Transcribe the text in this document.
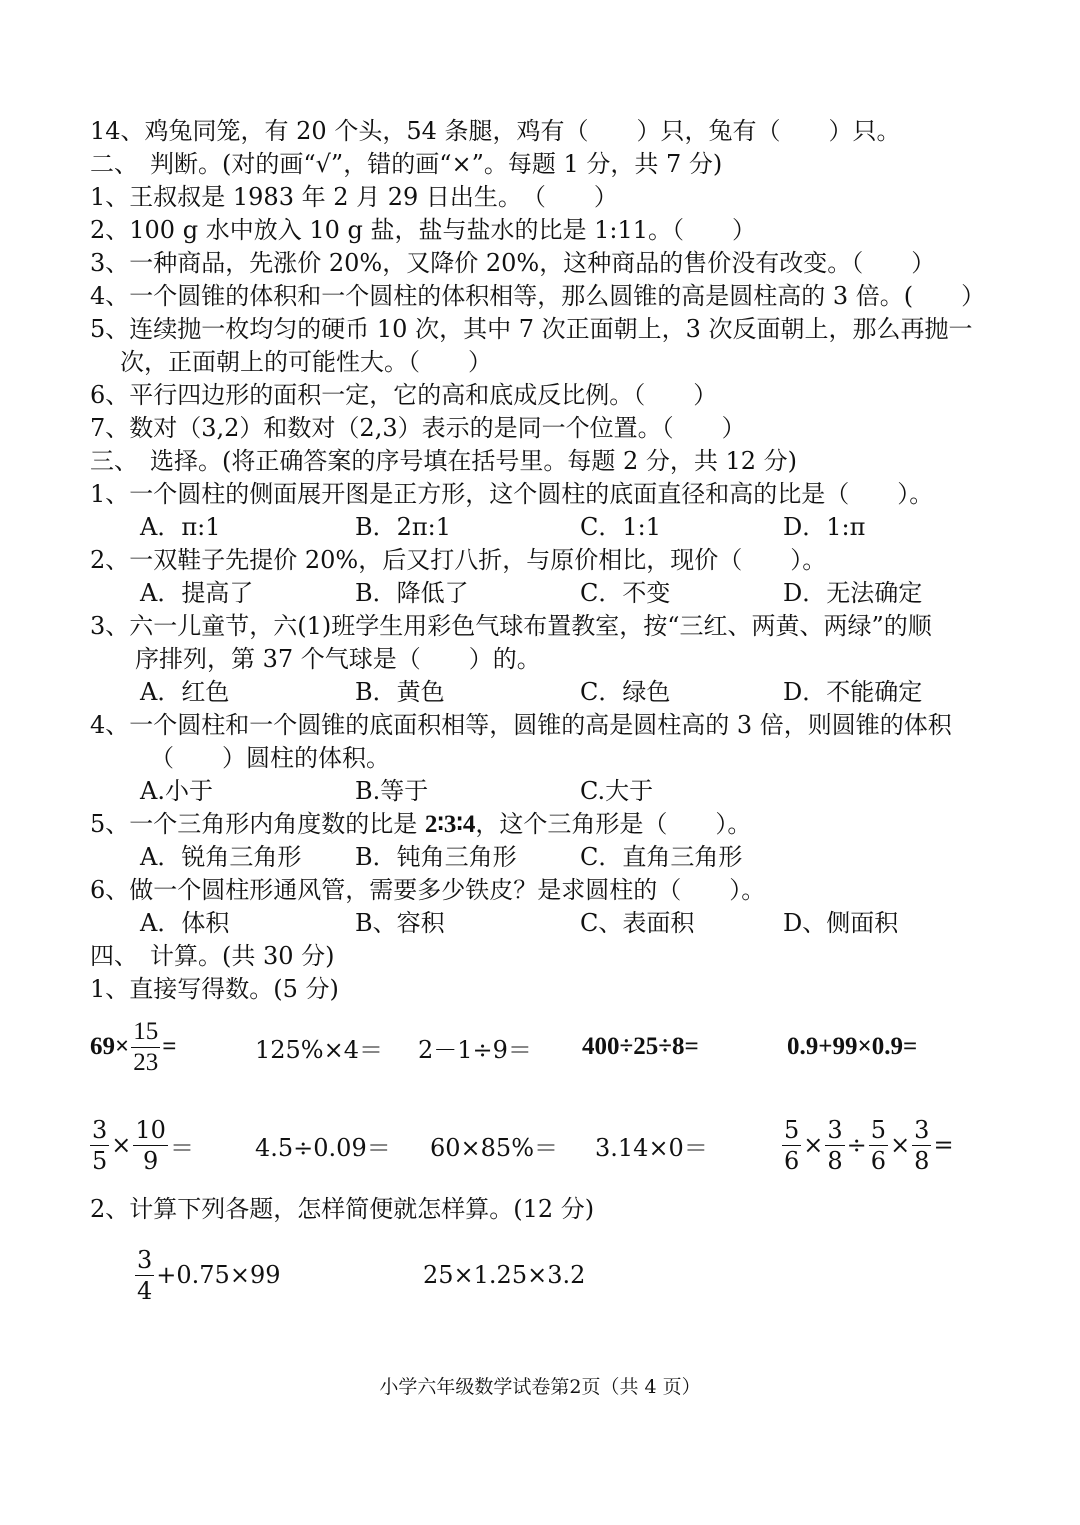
14、鸡兔同笼，有 20 个头，54 条腿，鸡有（　　）只，兔有（　　）只。
二、　判断。(对的画“√”，错的画“×”。每题 1 分，共 7 分)
1、王叔叔是 1983 年 2 月 29 日出生。　（　　）
2、100 g 水中放入 10 g 盐，盐与盐水的比是 1:11。（　　）
3、一种商品，先涨价 20%，又降价 20%，这种商品的售价没有改变。（　　）
4、一个圆锥的体积和一个圆柱的体积相等，那么圆锥的高是圆柱高的 3 倍。(　　）
5、连续抛一枚均匀的硬币 10 次，其中 7 次正面朝上，3 次反面朝上，那么再抛一
次，正面朝上的可能性大。（　　）
6、平行四边形的面积一定，它的高和底成反比例。（　　）
7、数对（3,2）和数对（2,3）表示的是同一个位置。（　　）
三、　选择。(将正确答案的序号填在括号里。每题 2 分，共 12 分)
1、一个圆柱的侧面展开图是正方形，这个圆柱的底面直径和高的比是（　　）。
A．π:1	B．2π:1	C．1:1	D．1:π
2、一双鞋子先提价 20%，后又打八折，与原价相比，现价（　　）。
A．提高了	B．降低了	C．不变	D．无法确定
3、六一儿童节，六(1)班学生用彩色气球布置教室，按“三红、两黄、两绿”的顺
序排列，第 37 个气球是（　　）的。
A．红色	B．黄色	C．绿色	D．不能确定
4、一个圆柱和一个圆锥的底面积相等，圆锥的高是圆柱高的 3 倍，则圆锥的体积
（　　）圆柱的体积。
A.小于	B.等于	C.大于
5、一个三角形内角度数的比是 2∶3∶4，这个三角形是（　　）。
A．锐角三角形 B．钝角三角形	C．直角三角形
6、做一个圆柱形通风管，需要多少铁皮？是求圆柱的（　　）。
A．体积	B、容积	C、表面积	D、侧面积
四、　计算。(共 30 分)
1、直接写得数。(5 分)
$69\times \frac{15}{23}$ =	125%×4＝ 2－1÷9＝ 400÷25÷8=	0.9+99×0.9=
$\frac{3}{5} \times \frac{10}{9}$ ＝	4.5÷0.09＝ 60×85%＝ 3.14×0＝	$\frac{5}{6} \times \frac{3}{8} \div \frac{5}{6} \times \frac{3}{8}$ =
2、计算下列各题，怎样简便就怎样算。(12 分)
$\frac{3}{4} +0.75\times 99$	25×1.25×3.2
小学六年级数学试卷第2页（共 4 页）
